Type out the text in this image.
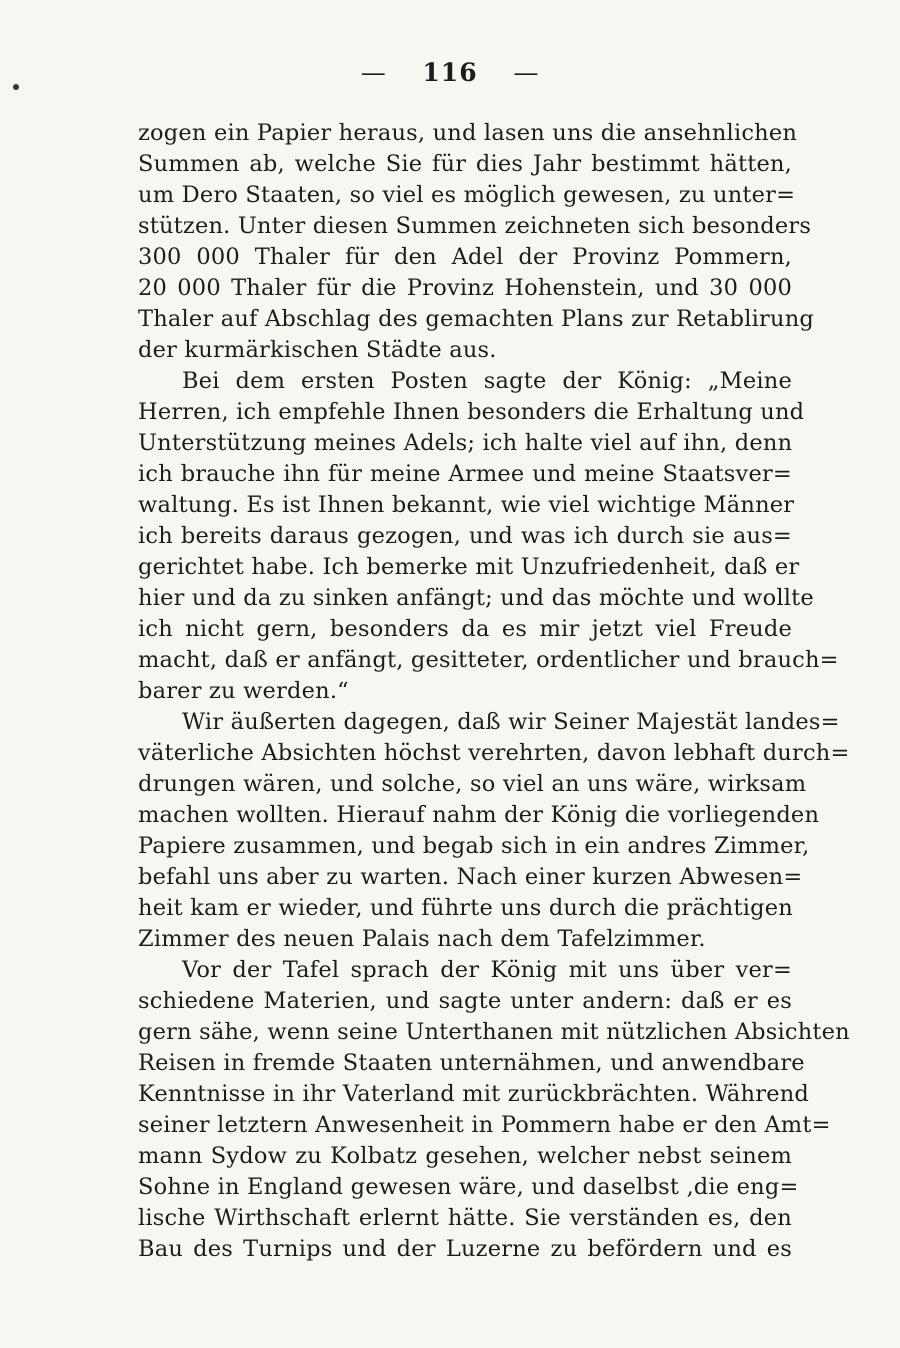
— 116 —
zogen ein Papier heraus, und lasen uns die ansehnlichen
Summen ab, welche Sie für dies Jahr bestimmt hätten,
um Dero Staaten, so viel es möglich gewesen, zu unter=
stützen. Unter diesen Summen zeichneten sich besonders
300 000 Thaler für den Adel der Provinz Pommern,
20 000 Thaler für die Provinz Hohenstein, und 30 000
Thaler auf Abschlag des gemachten Plans zur Retablirung
der kurmärkischen Städte aus.
Bei dem ersten Posten sagte der König: „Meine
Herren, ich empfehle Ihnen besonders die Erhaltung und
Unterstützung meines Adels; ich halte viel auf ihn, denn
ich brauche ihn für meine Armee und meine Staatsver=
waltung. Es ist Ihnen bekannt, wie viel wichtige Männer
ich bereits daraus gezogen, und was ich durch sie aus=
gerichtet habe. Ich bemerke mit Unzufriedenheit, daß er
hier und da zu sinken anfängt; und das möchte und wollte
ich nicht gern, besonders da es mir jetzt viel Freude
macht, daß er anfängt, gesitteter, ordentlicher und brauch=
barer zu werden.“
Wir äußerten dagegen, daß wir Seiner Majestät landes=
väterliche Absichten höchst verehrten, davon lebhaft durch=
drungen wären, und solche, so viel an uns wäre, wirksam
machen wollten. Hierauf nahm der König die vorliegenden
Papiere zusammen, und begab sich in ein andres Zimmer,
befahl uns aber zu warten. Nach einer kurzen Abwesen=
heit kam er wieder, und führte uns durch die prächtigen
Zimmer des neuen Palais nach dem Tafelzimmer.
Vor der Tafel sprach der König mit uns über ver=
schiedene Materien, und sagte unter andern: daß er es
gern sähe, wenn seine Unterthanen mit nützlichen Absichten
Reisen in fremde Staaten unternähmen, und anwendbare
Kenntnisse in ihr Vaterland mit zurückbrächten. Während
seiner letztern Anwesenheit in Pommern habe er den Amt=
mann Sydow zu Kolbatz gesehen, welcher nebst seinem
Sohne in England gewesen wäre, und daselbst ‚die eng=
lische Wirthschaft erlernt hätte. Sie verständen es, den
Bau des Turnips und der Luzerne zu befördern und es
